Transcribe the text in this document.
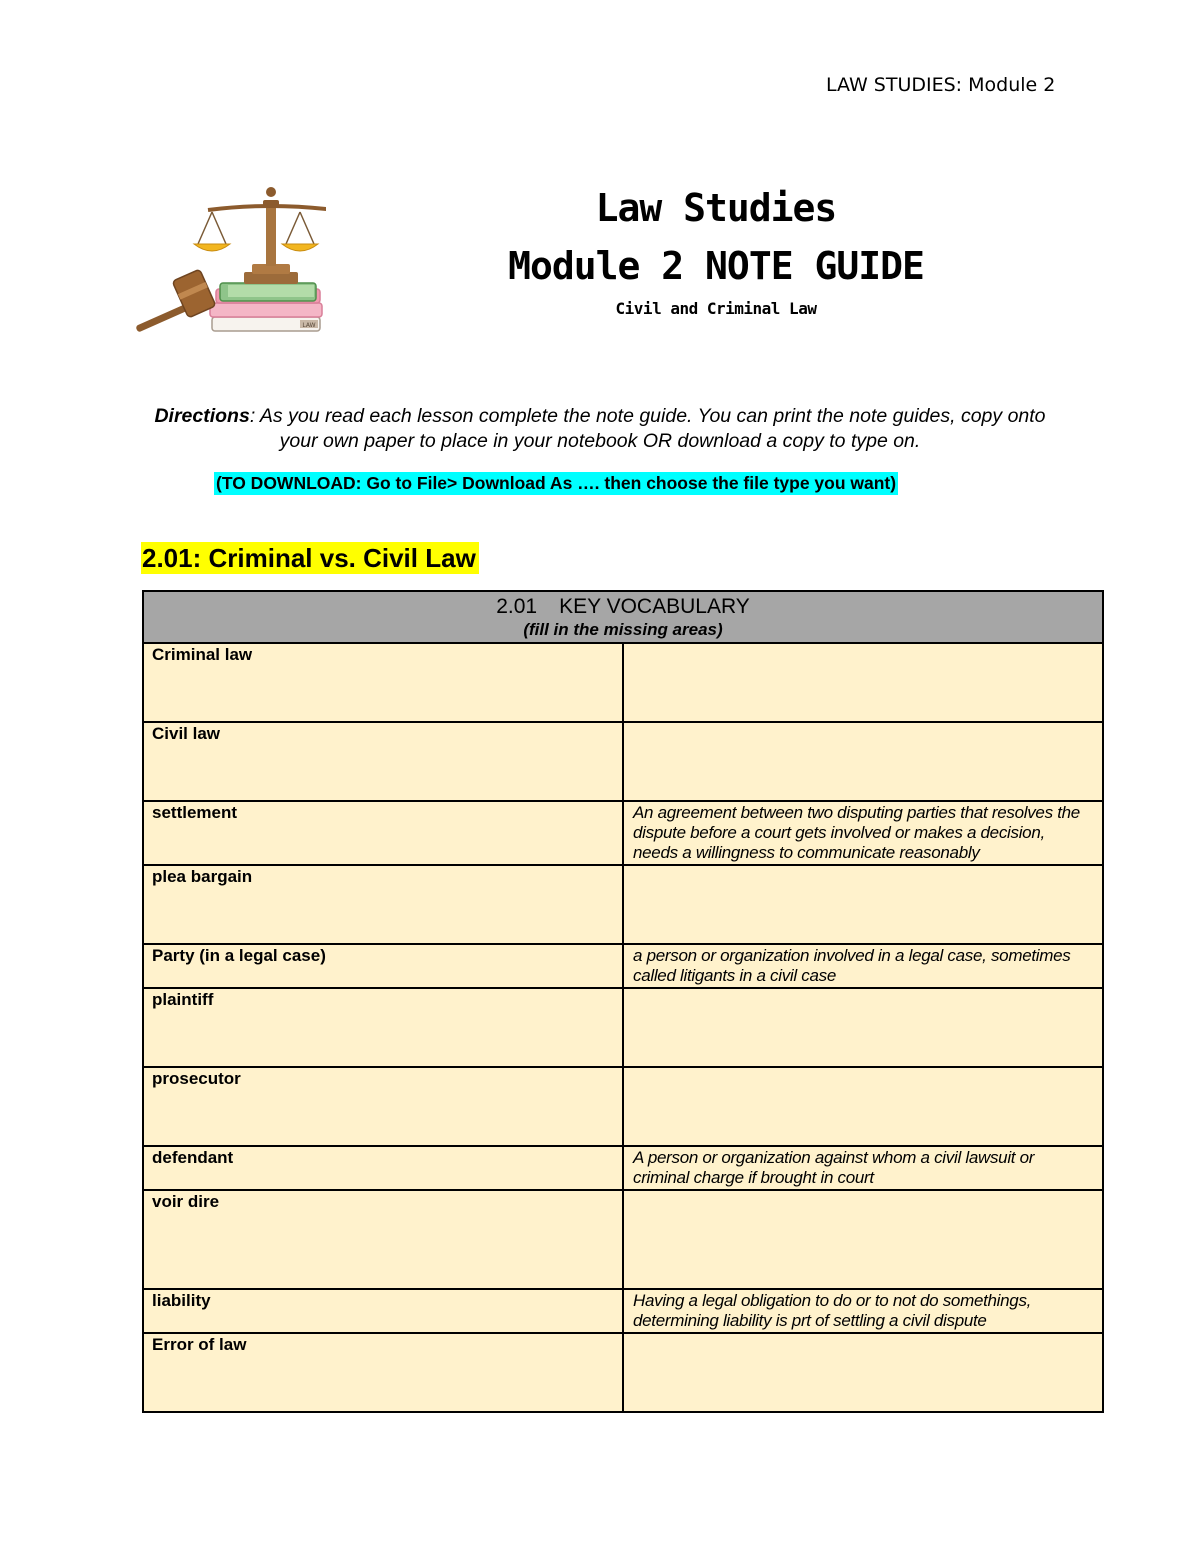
LAW STUDIES: Module 2
LAW
Law Studies
Module 2 NOTE GUIDE
Civil and Criminal Law
Directions: As you read each lesson complete the note guide. You can print the note guides, copy onto your own paper to place in your notebook OR download a copy to type on.
(TO DOWNLOAD: Go to File> Download As …. then choose the file type you want)
2.01: Criminal vs. Civil Law
2.01 KEY VOCABULARY
(fill in the missing areas)	

Criminal law	
Civil law	
settlement	An agreement between two disputing parties that resolves the dispute before a court gets involved or makes a decision, needs a willingness to communicate reasonably
plea bargain	
Party (in a legal case)	a person or organization involved in a legal case, sometimes called litigants in a civil case
plaintiff	
prosecutor	
defendant	A person or organization against whom a civil lawsuit or criminal charge if brought in court
voir dire	
liability	Having a legal obligation to do or to not do somethings, determining liability is prt of settling a civil dispute
Error of law	
